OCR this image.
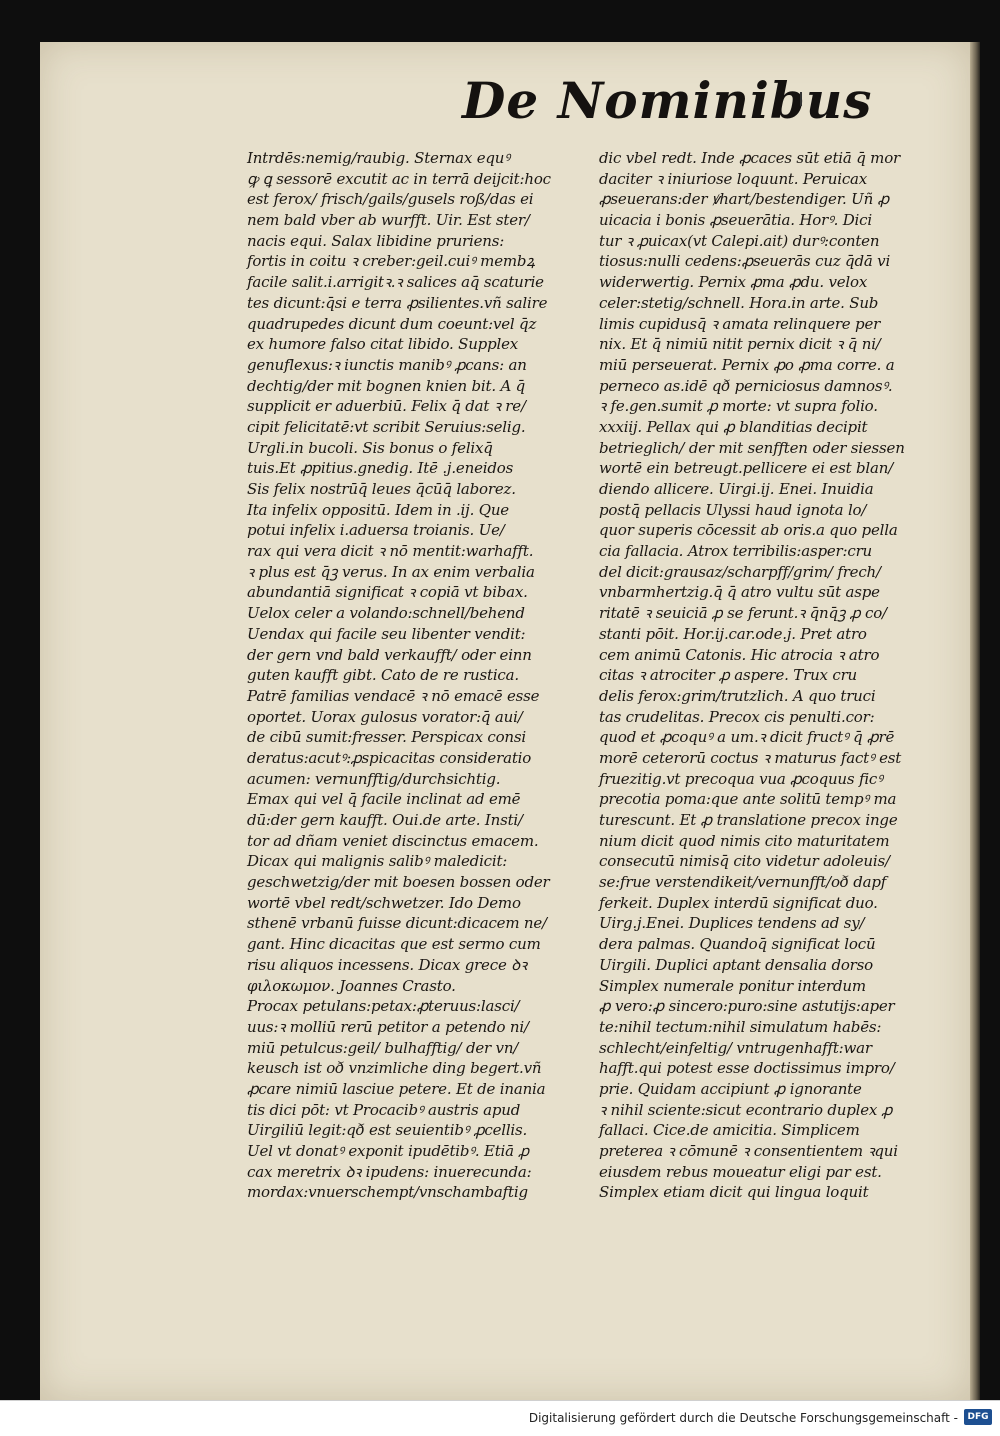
De Nominibus
Intrdēs:nemig/raubig. Sternax equꝰ
ꝙ ꝗ sessorē excutit ac in terrā deijcit:hoc
est ferox/ frisch/gails/gusels roß/das ei
nem bald vber ab wurfft. Uir. Est ster/
nacis equi. Salax libidine pruriens:
fortis in coitu ꝛ creber:geil.cuiꝰ membꝝ
facile salit.i.arrigitꝛ.ꝛ salices aq̄ scaturie
tes dicunt:q̄si e terra ꝓsilientes.vñ salire
quadrupedes dicunt dum coeunt:vel q̄z
ex humore falso citat libido. Supplex
genuflexus:ꝛ iunctis manibꝰ ꝓcans: an
dechtig/der mit bognen knien bit. A q̄
supplicit er aduerbiū. Felix q̄ dat ꝛ re/
cipit felicitatē:vt scribit Seruius:selig.
Urgli.in bucoli. Sis bonus o felixq̄
tuis.Et ꝓpitius.gnedig. Itē .j.eneidos
Sis felix nostrūq̄ leues q̄cūq̄ laborez.
Ita infelix oppositū. Idem in .ij. Que
potui infelix i.aduersa troianis. Ue/
rax qui vera dicit ꝛ nō mentit:warhafft.
ꝛ plus est q̄ꝫ verus. In ax enim verbalia
abundantiā significat ꝛ copiā vt bibax.
Uelox celer a volando:schnell/behend
Uendax qui facile seu libenter vendit:
der gern vnd bald verkaufft/ oder einn
guten kaufft gibt. Cato de re rustica.
Patrē familias vendacē ꝛ nō emacē esse
oportet. Uorax gulosus vorator:q̄ aui/
de cibū sumit:fresser. Perspicax consi
deratus:acutꝰ:ꝓspicacitas consideratio
acumen: vernunfftig/durchsichtig.
Emax qui vel q̄ facile inclinat ad emē
dū:der gern kaufft. Oui.de arte. Insti/
tor ad dñam veniet discinctus emacem.
Dicax qui malignis salibꝰ maledicit:
geschwetzig/der mit boesen bossen oder
wortē vbel redt/schwetzer. Ido Demo
sthenē vrbanū fuisse dicunt:dicacem ne/
gant. Hinc dicacitas que est sermo cum
risu aliquos incessens. Dicax grece ꝺꝛ
φιλοκωμον. Joannes Crasto.
Procax petulans:petax:ꝓteruus:lasci/
uus:ꝛ molliū rerū petitor a petendo ni/
miū petulcus:geil/ bulhafftig/ der vn/
keusch ist oð vnzimliche ding begert.vñ
ꝓcare nimiū lasciue petere. Et de inania
tis dici pōt: vt Procacibꝰ austris apud
Uirgiliū legit:qð est seuientibꝰ ꝓcellis.
Uel vt donatꝰ exponit ipudētibꝰ. Etiā ꝓ
cax meretrix ꝺꝛ ipudens: inuerecunda:
mordax:vnuerschempt/vnschambaftig
dic vbel redt. Inde ꝓcaces sūt etiā q̄ mor
daciter ꝛ iniuriose loquunt. Peruicax
ꝓseuerans:der ꝟhart/bestendiger. Uñ ꝓ
uicacia i bonis ꝓseuerātia. Horꝰ. Dici
tur ꝛ ꝓuicax(vt Calepi.ait) durꝰ:conten
tiosus:nulli cedens:ꝓseuerās cuz q̄dā vi
widerwertig. Pernix ꝓma ꝓdu. velox
celer:stetig/schnell. Hora.in arte. Sub
limis cupidusq̄ ꝛ amata relinquere per
nix. Et q̄ nimiū nitit pernix dicit ꝛ q̄ ni/
miū perseuerat. Pernix ꝓo ꝓma corre. a
perneco as.idē qð perniciosus damnosꝰ.
ꝛ fe.gen.sumit ꝓ morte: vt supra folio.
xxxiij. Pellax qui ꝓ blanditias decipit
betrieglich/ der mit senfften oder siessen
wortē ein betreugt.pellicere ei est blan/
diendo allicere. Uirgi.ij. Enei. Inuidia
postq̄ pellacis Ulyssi haud ignota lo/
quor superis cōcessit ab oris.a quo pella
cia fallacia. Atrox terribilis:asper:cru
del dicit:grausaz/scharpff/grim/ frech/
vnbarmhertzig.q̄ q̄ atro vultu sūt aspe
ritatē ꝛ seuiciā ꝓ se ferunt.ꝛ q̄nq̄ꝫ ꝓ co/
stanti pōit. Hor.ij.car.ode.j. Pret atro
cem animū Catonis. Hic atrocia ꝛ atro
citas ꝛ atrociter ꝓ aspere. Trux cru
delis ferox:grim/trutzlich. A quo truci
tas crudelitas. Precox cis penulti.cor:
quod et ꝓcoquꝰ a um.ꝛ dicit fructꝰ q̄ ꝓrē
morē ceterorū coctus ꝛ maturus factꝰ est
fruezitig.vt precoqua vua ꝓcoquus ficꝰ
precotia poma:que ante solitū tempꝰ ma
turescunt. Et ꝓ translatione precox inge
nium dicit quod nimis cito maturitatem
consecutū nimisq̄ cito videtur adoleuis/
se:frue verstendikeit/vernunfft/oð dapf
ferkeit. Duplex interdū significat duo.
Uirg.j.Enei. Duplices tendens ad sy/
dera palmas. Quandoq̄ significat locū
Uirgili. Duplici aptant densalia dorso
Simplex numerale ponitur interdum
ꝓ vero:ꝓ sincero:puro:sine astutijs:aper
te:nihil tectum:nihil simulatum habēs:
schlecht/einfeltig/ vntrugenhafft:war
hafft.qui potest esse doctissimus impro/
prie. Quidam accipiunt ꝓ ignorante
ꝛ nihil sciente:sicut econtrario duplex ꝓ
fallaci. Cice.de amicitia. Simplicem
preterea ꝛ cōmunē ꝛ consentientem ꝛqui
eiusdem rebus moueatur eligi par est.
Simplex etiam dicit qui lingua loquit
Digitalisierung gefördert durch die Deutsche Forschungsgemeinschaft -	DFG
